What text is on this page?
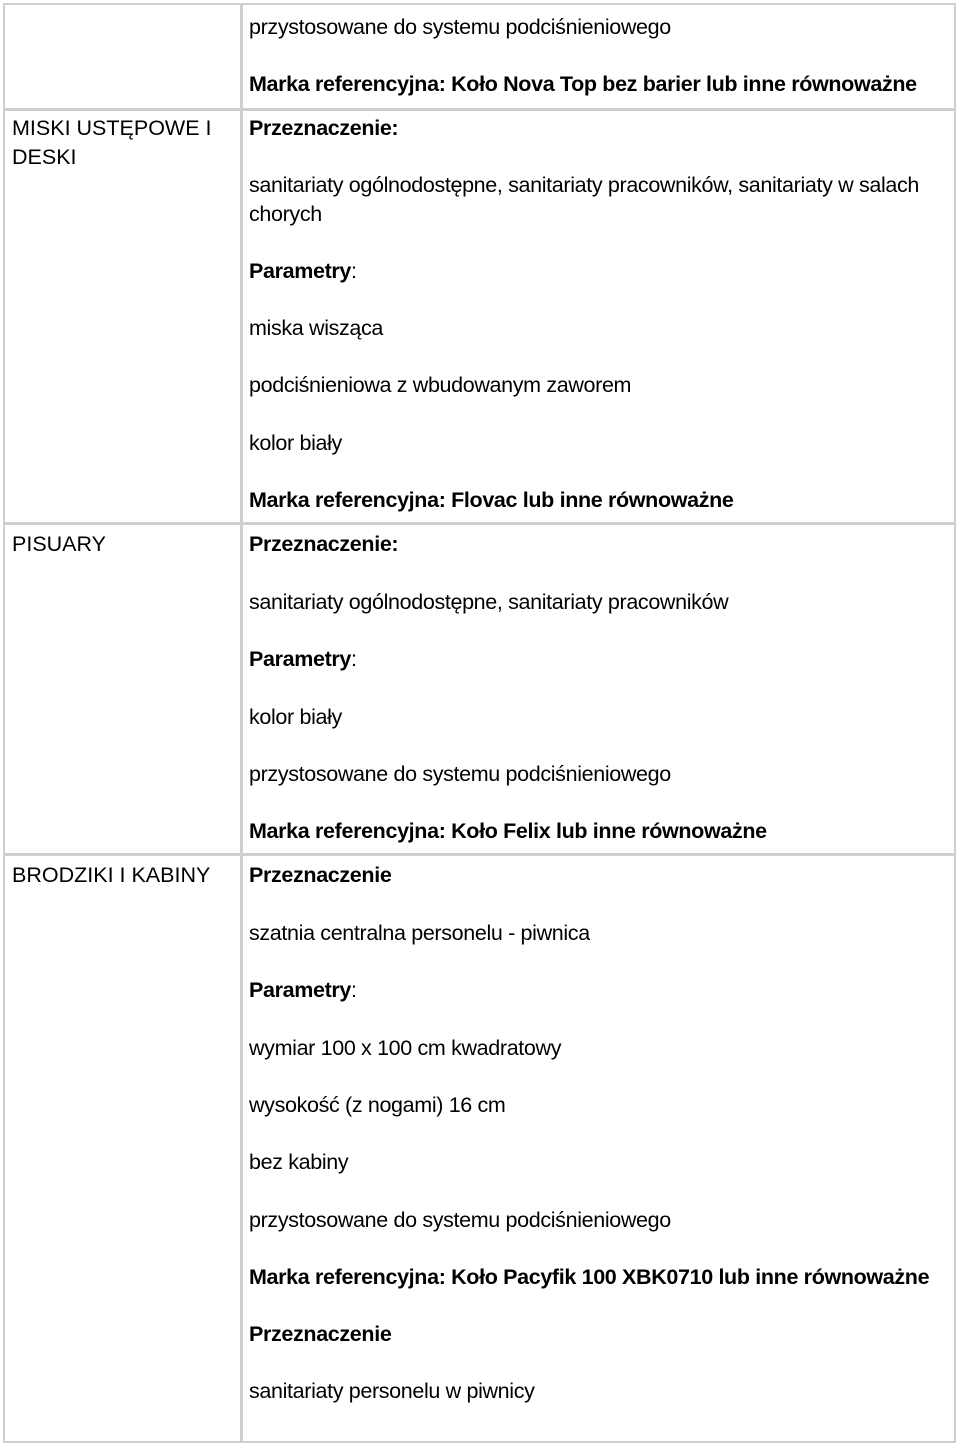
przystosowane do systemu podciśnieniowego
Marka referencyjna: Koło Nova Top bez barier lub inne równoważne
MISKI USTĘPOWE I DESKI
Przeznaczenie:
sanitariaty ogólnodostępne, sanitariaty pracowników, sanitariaty w salach chorych
Parametry:
miska wisząca
podciśnieniowa z wbudowanym zaworem
kolor biały
Marka referencyjna: Flovac lub inne równoważne
PISUARY	Przeznaczenie:
sanitariaty ogólnodostępne, sanitariaty pracowników
Parametry:
kolor biały
przystosowane do systemu podciśnieniowego
Marka referencyjna: Koło Felix lub inne równoważne
BRODZIKI I KABINY	Przeznaczenie
szatnia centralna personelu - piwnica
Parametry:
wymiar 100 x 100 cm kwadratowy
wysokość (z nogami) 16 cm
bez kabiny
przystosowane do systemu podciśnieniowego
Marka referencyjna: Koło Pacyfik 100 XBK0710 lub inne równoważne
Przeznaczenie
sanitariaty personelu w piwnicy
